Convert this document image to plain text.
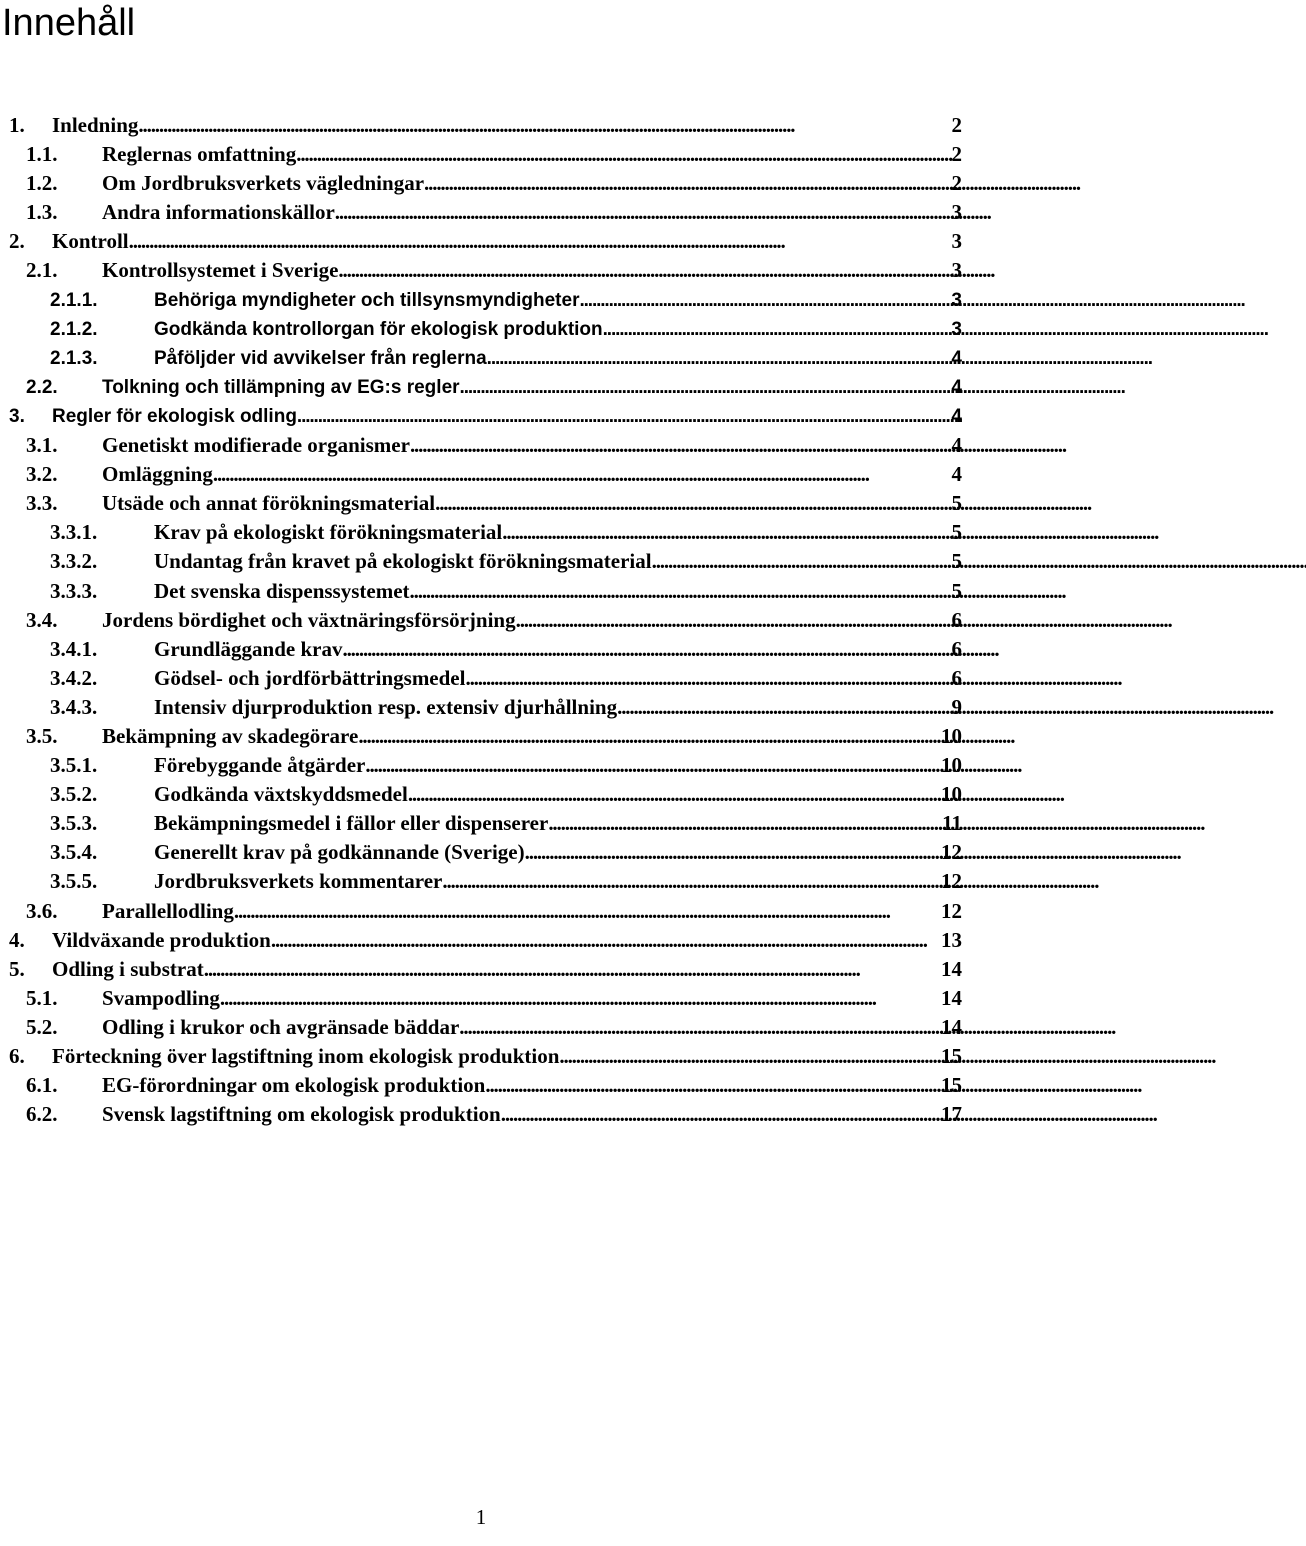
Innehåll
1.	Inledning . . .	2
1.1.	Reglernas omfattning . . .	2
1.2.	Om Jordbruksverkets vägledningar . . .	2
1.3.	Andra informationskällor . . .	3
2.	Kontroll . . .	3
2.1.	Kontrollsystemet i Sverige . . .	3
2.1.1.	Behöriga myndigheter och tillsynsmyndigheter . . .	3
2.1.2.	Godkända kontrollorgan för ekologisk produktion . . .	3
2.1.3.	Påföljder vid avvikelser från reglerna . . .	4
2.2.	Tolkning och tillämpning av EG:s regler . . .	4
3.	Regler för ekologisk odling . . .	4
3.1.	Genetiskt modifierade organismer . . .	4
3.2.	Omläggning . . .	4
3.3.	Utsäde och annat förökningsmaterial . . .	5
3.3.1.	Krav på ekologiskt förökningsmaterial . . .	5
3.3.2.	Undantag från kravet på ekologiskt förökningsmaterial . . .	5
3.3.3.	Det svenska dispenssystemet . . .	5
3.4.	Jordens bördighet och växtnäringsförsörjning . . .	6
3.4.1.	Grundläggande krav . . .	6
3.4.2.	Gödsel- och jordförbättringsmedel . . .	6
3.4.3.	Intensiv djurproduktion resp. extensiv djurhållning . . .	9
3.5.	Bekämpning av skadegörare . . .	10
3.5.1.	Förebyggande åtgärder . . .	10
3.5.2.	Godkända växtskyddsmedel . . .	10
3.5.3.	Bekämpningsmedel i fällor eller dispenserer . . .	11
3.5.4.	Generellt krav på godkännande (Sverige) . . .	12
3.5.5.	Jordbruksverkets kommentarer . . .	12
3.6.	Parallellodling . . .	12
4.	Vildväxande produktion . . .	13
5.	Odling i substrat . . .	14
5.1.	Svampodling . . .	14
5.2.	Odling i krukor och avgränsade bäddar . . .	14
6.	Förteckning över lagstiftning inom ekologisk produktion . . .	15
6.1.	EG-förordningar om ekologisk produktion . . .	15
6.2.	Svensk lagstiftning om ekologisk produktion . . .	17
1
